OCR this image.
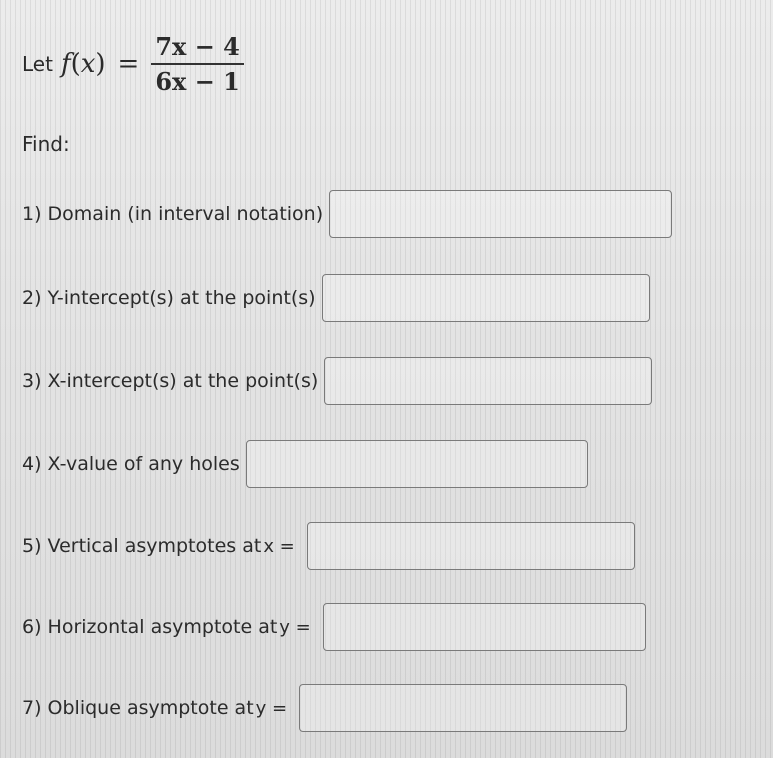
Let f ( x ) = $\frac{7x - 4}{6x - 1}$
Find:
1) Domain (in interval notation)
2) Y-intercept(s) at the point(s)
3) X-intercept(s) at the point(s)
4) X-value of any holes
5) Vertical asymptotes at x =
6) Horizontal asymptote at y =
7) Oblique asymptote at y =
